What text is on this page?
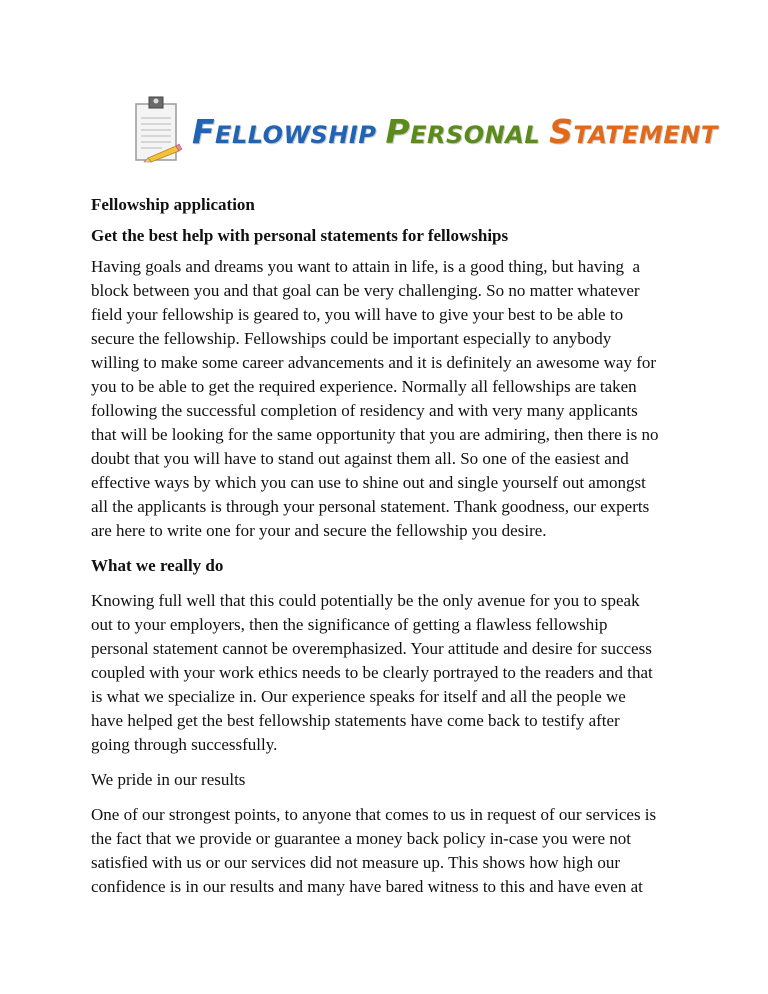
FELLOWSHIP PERSONAL STATEMENT

Fellowship application

Get the best help with personal statements for fellowships

Having goals and dreams you want to attain in life, is a good thing, but having  a
block between you and that goal can be very challenging. So no matter whatever
field your fellowship is geared to, you will have to give your best to be able to
secure the fellowship. Fellowships could be important especially to anybody
willing to make some career advancements and it is definitely an awesome way for
you to be able to get the required experience. Normally all fellowships are taken
following the successful completion of residency and with very many applicants
that will be looking for the same opportunity that you are admiring, then there is no
doubt that you will have to stand out against them all. So one of the easiest and
effective ways by which you can use to shine out and single yourself out amongst
all the applicants is through your personal statement. Thank goodness, our experts
are here to write one for your and secure the fellowship you desire.

What we really do

Knowing full well that this could potentially be the only avenue for you to speak
out to your employers, then the significance of getting a flawless fellowship
personal statement cannot be overemphasized. Your attitude and desire for success
coupled with your work ethics needs to be clearly portrayed to the readers and that
is what we specialize in. Our experience speaks for itself and all the people we
have helped get the best fellowship statements have come back to testify after
going through successfully.

We pride in our results

One of our strongest points, to anyone that comes to us in request of our services is
the fact that we provide or guarantee a money back policy in-case you were not
satisfied with us or our services did not measure up. This shows how high our
confidence is in our results and many have bared witness to this and have even at
